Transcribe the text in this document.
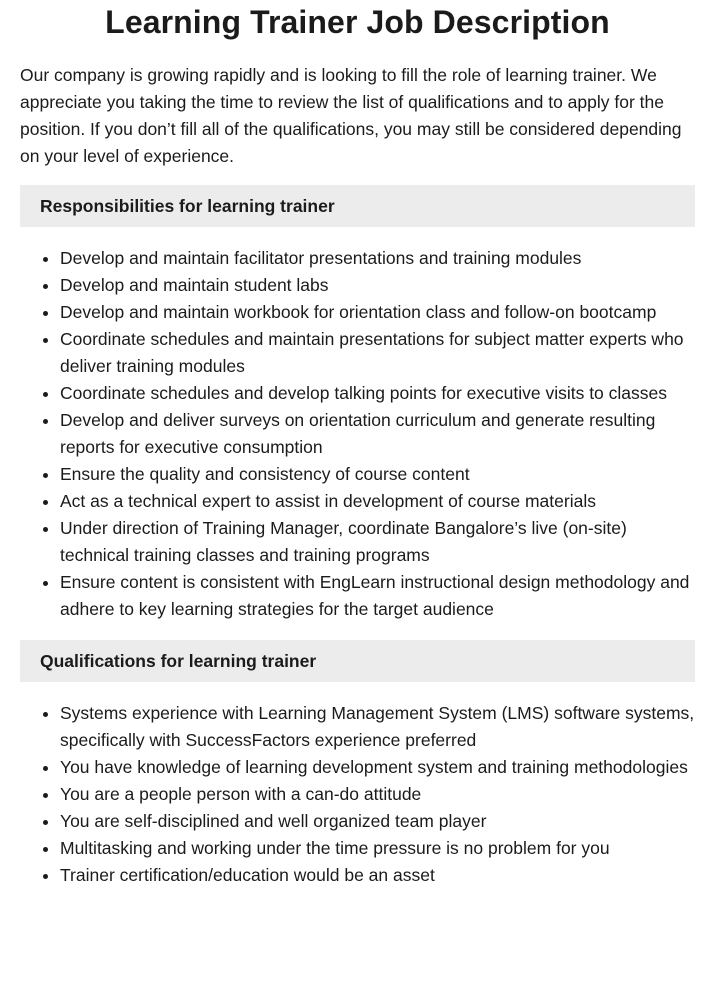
Learning Trainer Job Description

Our company is growing rapidly and is looking to fill the role of learning trainer. We appreciate you taking the time to review the list of qualifications and to apply for the position. If you don’t fill all of the qualifications, you may still be considered depending on your level of experience.

Responsibilities for learning trainer
• Develop and maintain facilitator presentations and training modules
• Develop and maintain student labs
• Develop and maintain workbook for orientation class and follow-on bootcamp
• Coordinate schedules and maintain presentations for subject matter experts who deliver training modules
• Coordinate schedules and develop talking points for executive visits to classes
• Develop and deliver surveys on orientation curriculum and generate resulting reports for executive consumption
• Ensure the quality and consistency of course content
• Act as a technical expert to assist in development of course materials
• Under direction of Training Manager, coordinate Bangalore’s live (on-site) technical training classes and training programs
• Ensure content is consistent with EngLearn instructional design methodology and adhere to key learning strategies for the target audience
Qualifications for learning trainer
• Systems experience with Learning Management System (LMS) software systems, specifically with SuccessFactors experience preferred
• You have knowledge of learning development system and training methodologies
• You are a people person with a can-do attitude
• You are self-disciplined and well organized team player
• Multitasking and working under the time pressure is no problem for you
• Trainer certification/education would be an asset
